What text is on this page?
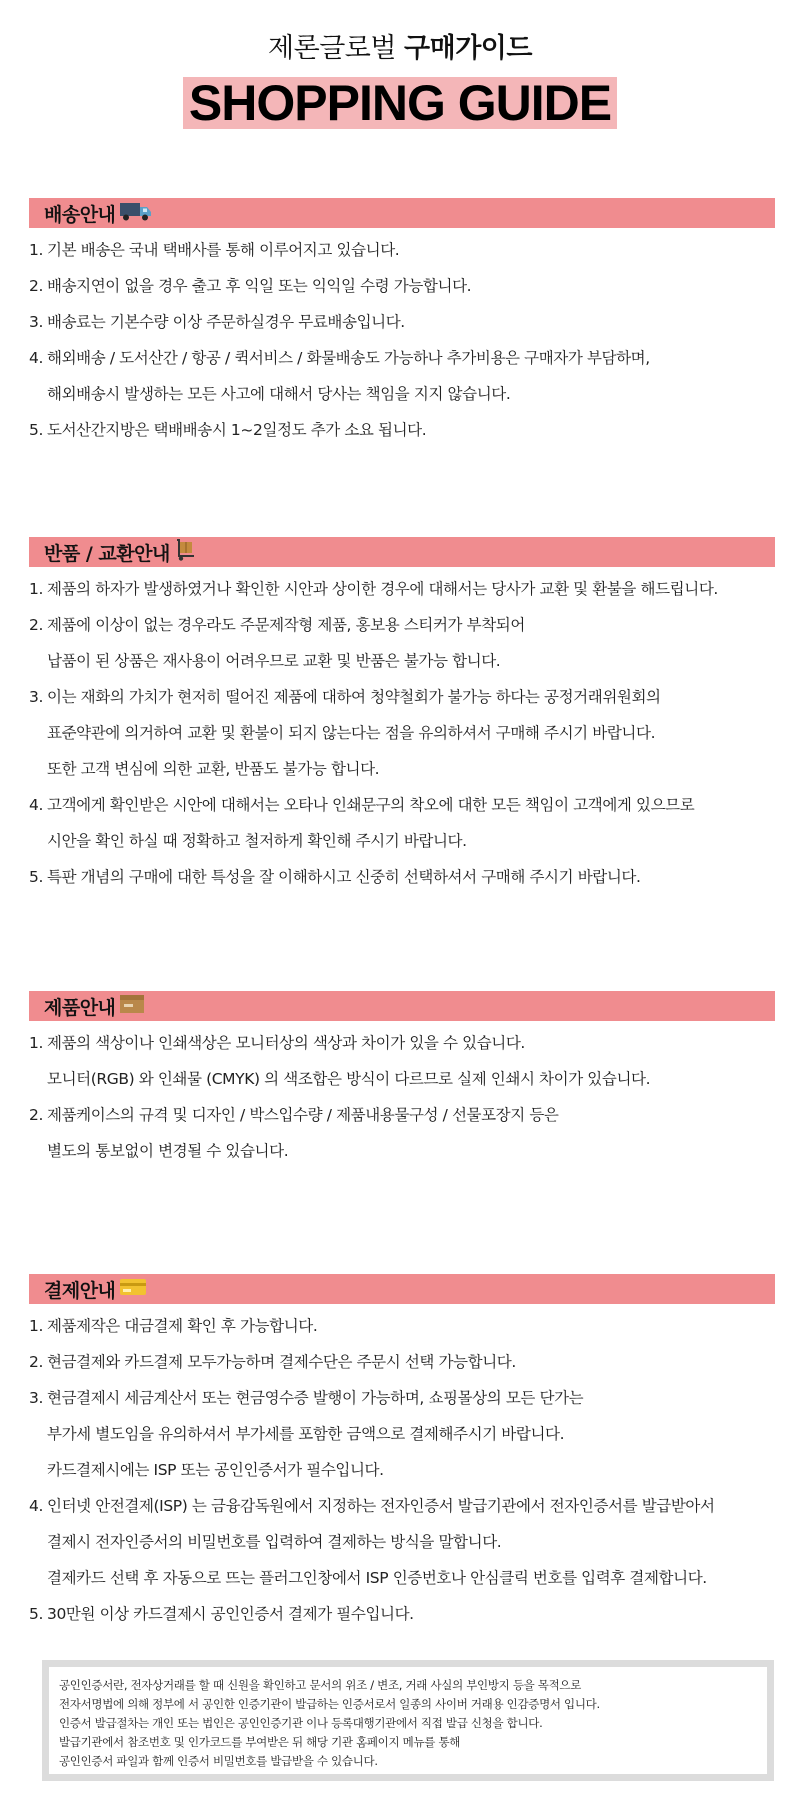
제론글로벌 구매가이드
SHOPPING GUIDE
배송안내
1. 기본 배송은 국내 택배사를 통해 이루어지고 있습니다.
2. 배송지연이 없을 경우 출고 후 익일 또는 익익일 수령 가능합니다.
3. 배송료는 기본수량 이상 주문하실경우 무료배송입니다.
4. 해외배송 / 도서산간 / 항공 / 퀵서비스 / 화물배송도 가능하나 추가비용은 구매자가 부담하며,
해외배송시 발생하는 모든 사고에 대해서 당사는 책임을 지지 않습니다.
5. 도서산간지방은 택배배송시 1~2일정도 추가 소요 됩니다.
반품 / 교환안내
1. 제품의 하자가 발생하였거나 확인한 시안과 상이한 경우에 대해서는 당사가 교환 및 환불을 해드립니다.
2. 제품에 이상이 없는 경우라도 주문제작형 제품, 홍보용 스티커가 부착되어
납품이 된 상품은 재사용이 어려우므로 교환 및 반품은 불가능 합니다.
3. 이는 재화의 가치가 현저히 떨어진 제품에 대하여 청약철회가 불가능 하다는 공정거래위원회의
표준약관에 의거하여 교환 및 환불이 되지 않는다는 점을 유의하셔서 구매해 주시기 바랍니다.
또한 고객 변심에 의한 교환, 반품도 불가능 합니다.
4. 고객에게 확인받은 시안에 대해서는 오타나 인쇄문구의 착오에 대한 모든 책임이 고객에게 있으므로
시안을 확인 하실 때 정확하고 철저하게 확인해 주시기 바랍니다.
5. 특판 개념의 구매에 대한 특성을 잘 이해하시고 신중히 선택하셔서 구매해 주시기 바랍니다.
제품안내
1. 제품의 색상이나 인쇄색상은 모니터상의 색상과 차이가 있을 수 있습니다.
모니터(RGB) 와 인쇄물 (CMYK) 의 색조합은 방식이 다르므로 실제 인쇄시 차이가 있습니다.
2. 제품케이스의 규격 및 디자인 / 박스입수량 / 제품내용물구성 / 선물포장지 등은
별도의 통보없이 변경될 수 있습니다.
결제안내
1. 제품제작은 대금결제 확인 후 가능합니다.
2. 현금결제와 카드결제 모두가능하며 결제수단은 주문시 선택 가능합니다.
3. 현금결제시 세금계산서 또는 현금영수증 발행이 가능하며, 쇼핑몰상의 모든 단가는
부가세 별도임을 유의하셔서 부가세를 포함한 금액으로 결제해주시기 바랍니다.
카드결제시에는 ISP 또는 공인인증서가 필수입니다.
4. 인터넷 안전결제(ISP) 는 금융감독원에서 지정하는 전자인증서 발급기관에서 전자인증서를 발급받아서
결제시 전자인증서의 비밀번호를 입력하여 결제하는 방식을 말합니다.
결제카드 선택 후 자동으로 뜨는 플러그인창에서 ISP 인증번호나 안심클릭 번호를 입력후 결제합니다.
5. 30만원 이상 카드결제시 공인인증서 결제가 필수입니다.
공인인증서란, 전자상거래를 할 때 신원을 확인하고 문서의 위조 / 변조, 거래 사실의 부인방지 등을 목적으로
전자서명법에 의해 정부에 서 공인한 인증기관이 발급하는 인증서로서 일종의 사이버 거래용 인감증명서 입니다.
인증서 발급절차는 개인 또는 법인은 공인인증기관 이나 등록대행기관에서 직접 발급 신청을 합니다.
발급기관에서 참조번호 및 인가코드를 부여받은 뒤 해당 기관 홈페이지 메뉴를 통해
공인인증서 파일과 함께 인증서 비밀번호를 발급받을 수 있습니다.
